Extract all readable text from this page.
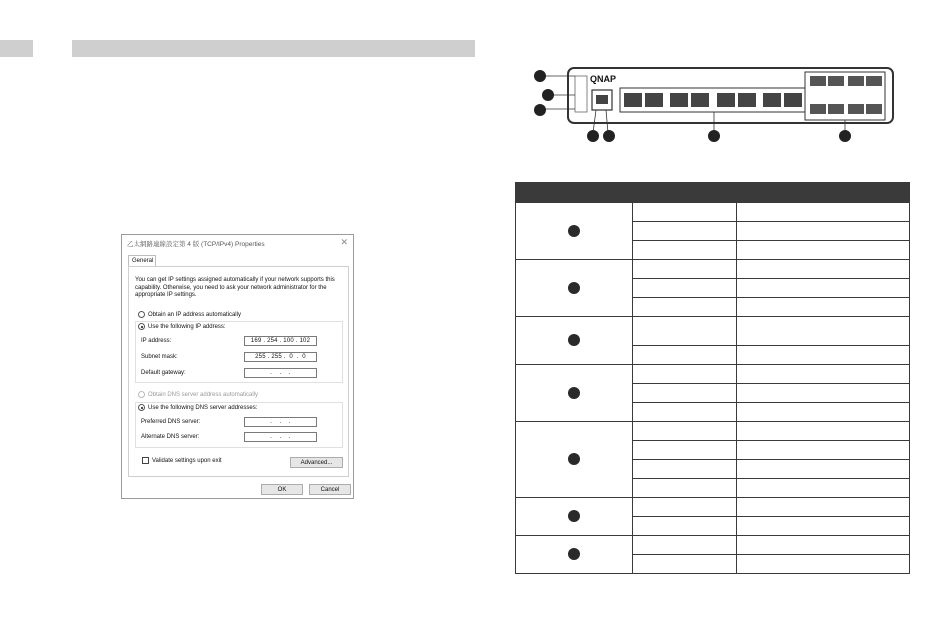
乙太網路連線設定第 4 版 (TCP/IPv4) Properties	✕
General
You can get IP settings assigned automatically if your network supports this capability. Otherwise, you need to ask your network administrator for the appropriate IP settings.
Obtain an IP address automatically
Use the following IP address:
IP address:	169 . 254 . 100 . 102
Subnet mask:	255 . 255 .  0  .  0
Default gateway:	.    .    .
Obtain DNS server address automatically
Use the following DNS server addresses:
Preferred DNS server:	.    .    .
Alternate DNS server:	.    .    .
Validate settings upon exit	Advanced...
OK	Cancel
QNAP
